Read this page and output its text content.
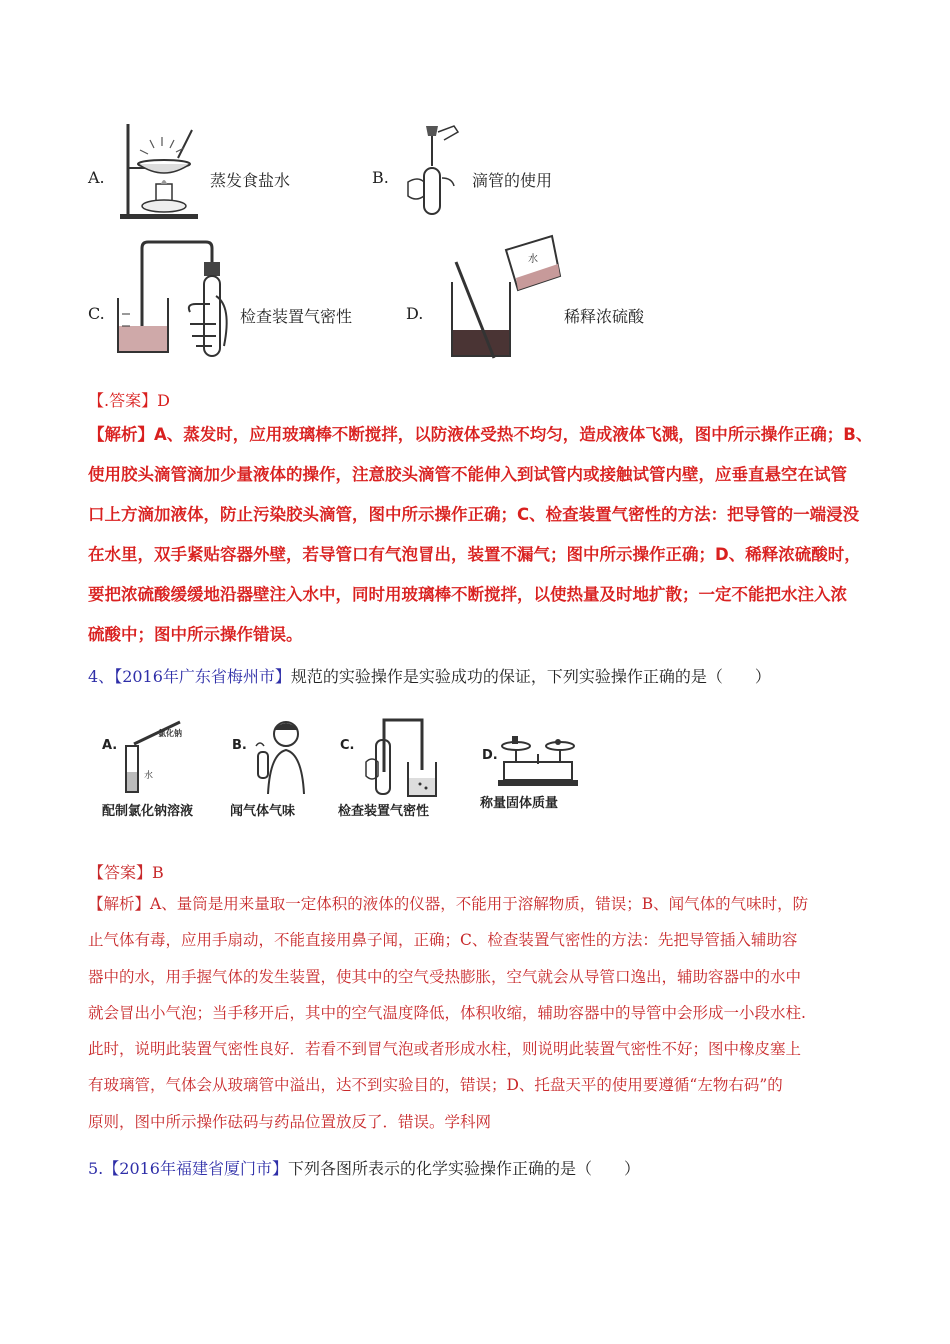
A.	蒸发食盐水	B.	滴管的使用
C.	检查装置气密性
水
D.	稀释浓硫酸
【.答案】D
【解析】A、蒸发时，应用玻璃棒不断搅拌，以防液体受热不均匀，造成液体飞溅，图中所示操作正确；B、
使用胶头滴管滴加少量液体的操作，注意胶头滴管不能伸入到试管内或接触试管内壁，应垂直悬空在试管
口上方滴加液体，防止污染胶头滴管，图中所示操作正确；C、检查装置气密性的方法：把导管的一端浸没
在水里，双手紧贴容器外壁，若导管口有气泡冒出，装置不漏气；图中所示操作正确；D、稀释浓硫酸时，
要把浓硫酸缓缓地沿器壁注入水中，同时用玻璃棒不断搅拌，以使热量及时地扩散；一定不能把水注入浓
硫酸中；图中所示操作错误。
4、【2016年广东省梅州市】规范的实验操作是实验成功的保证，下列实验操作正确的是（　　）
A.
水
氯化钠
配制氯化钠溶液
B.
闻气体气味
C.
检查装置气密性
D.
称量固体质量
【答案】B
【解析】A、量筒是用来量取一定体积的液体的仪器，不能用于溶解物质，错误；B、闻气体的气味时，防
止气体有毒，应用手扇动，不能直接用鼻子闻，正确；C、检查装置气密性的方法：先把导管插入辅助容
器中的水，用手握气体的发生装置，使其中的空气受热膨胀，空气就会从导管口逸出，辅助容器中的水中
就会冒出小气泡；当手移开后，其中的空气温度降低，体积收缩，辅助容器中的导管中会形成一小段水柱.
此时，说明此装置气密性良好．若看不到冒气泡或者形成水柱，则说明此装置气密性不好；图中橡皮塞上
有玻璃管，气体会从玻璃管中溢出，达不到实验目的，错误；D、托盘天平的使用要遵循“左物右码”的
原则，图中所示操作砝码与药品位置放反了．错误。学科网
5.【2016年福建省厦门市】下列各图所表示的化学实验操作正确的是（　　）
